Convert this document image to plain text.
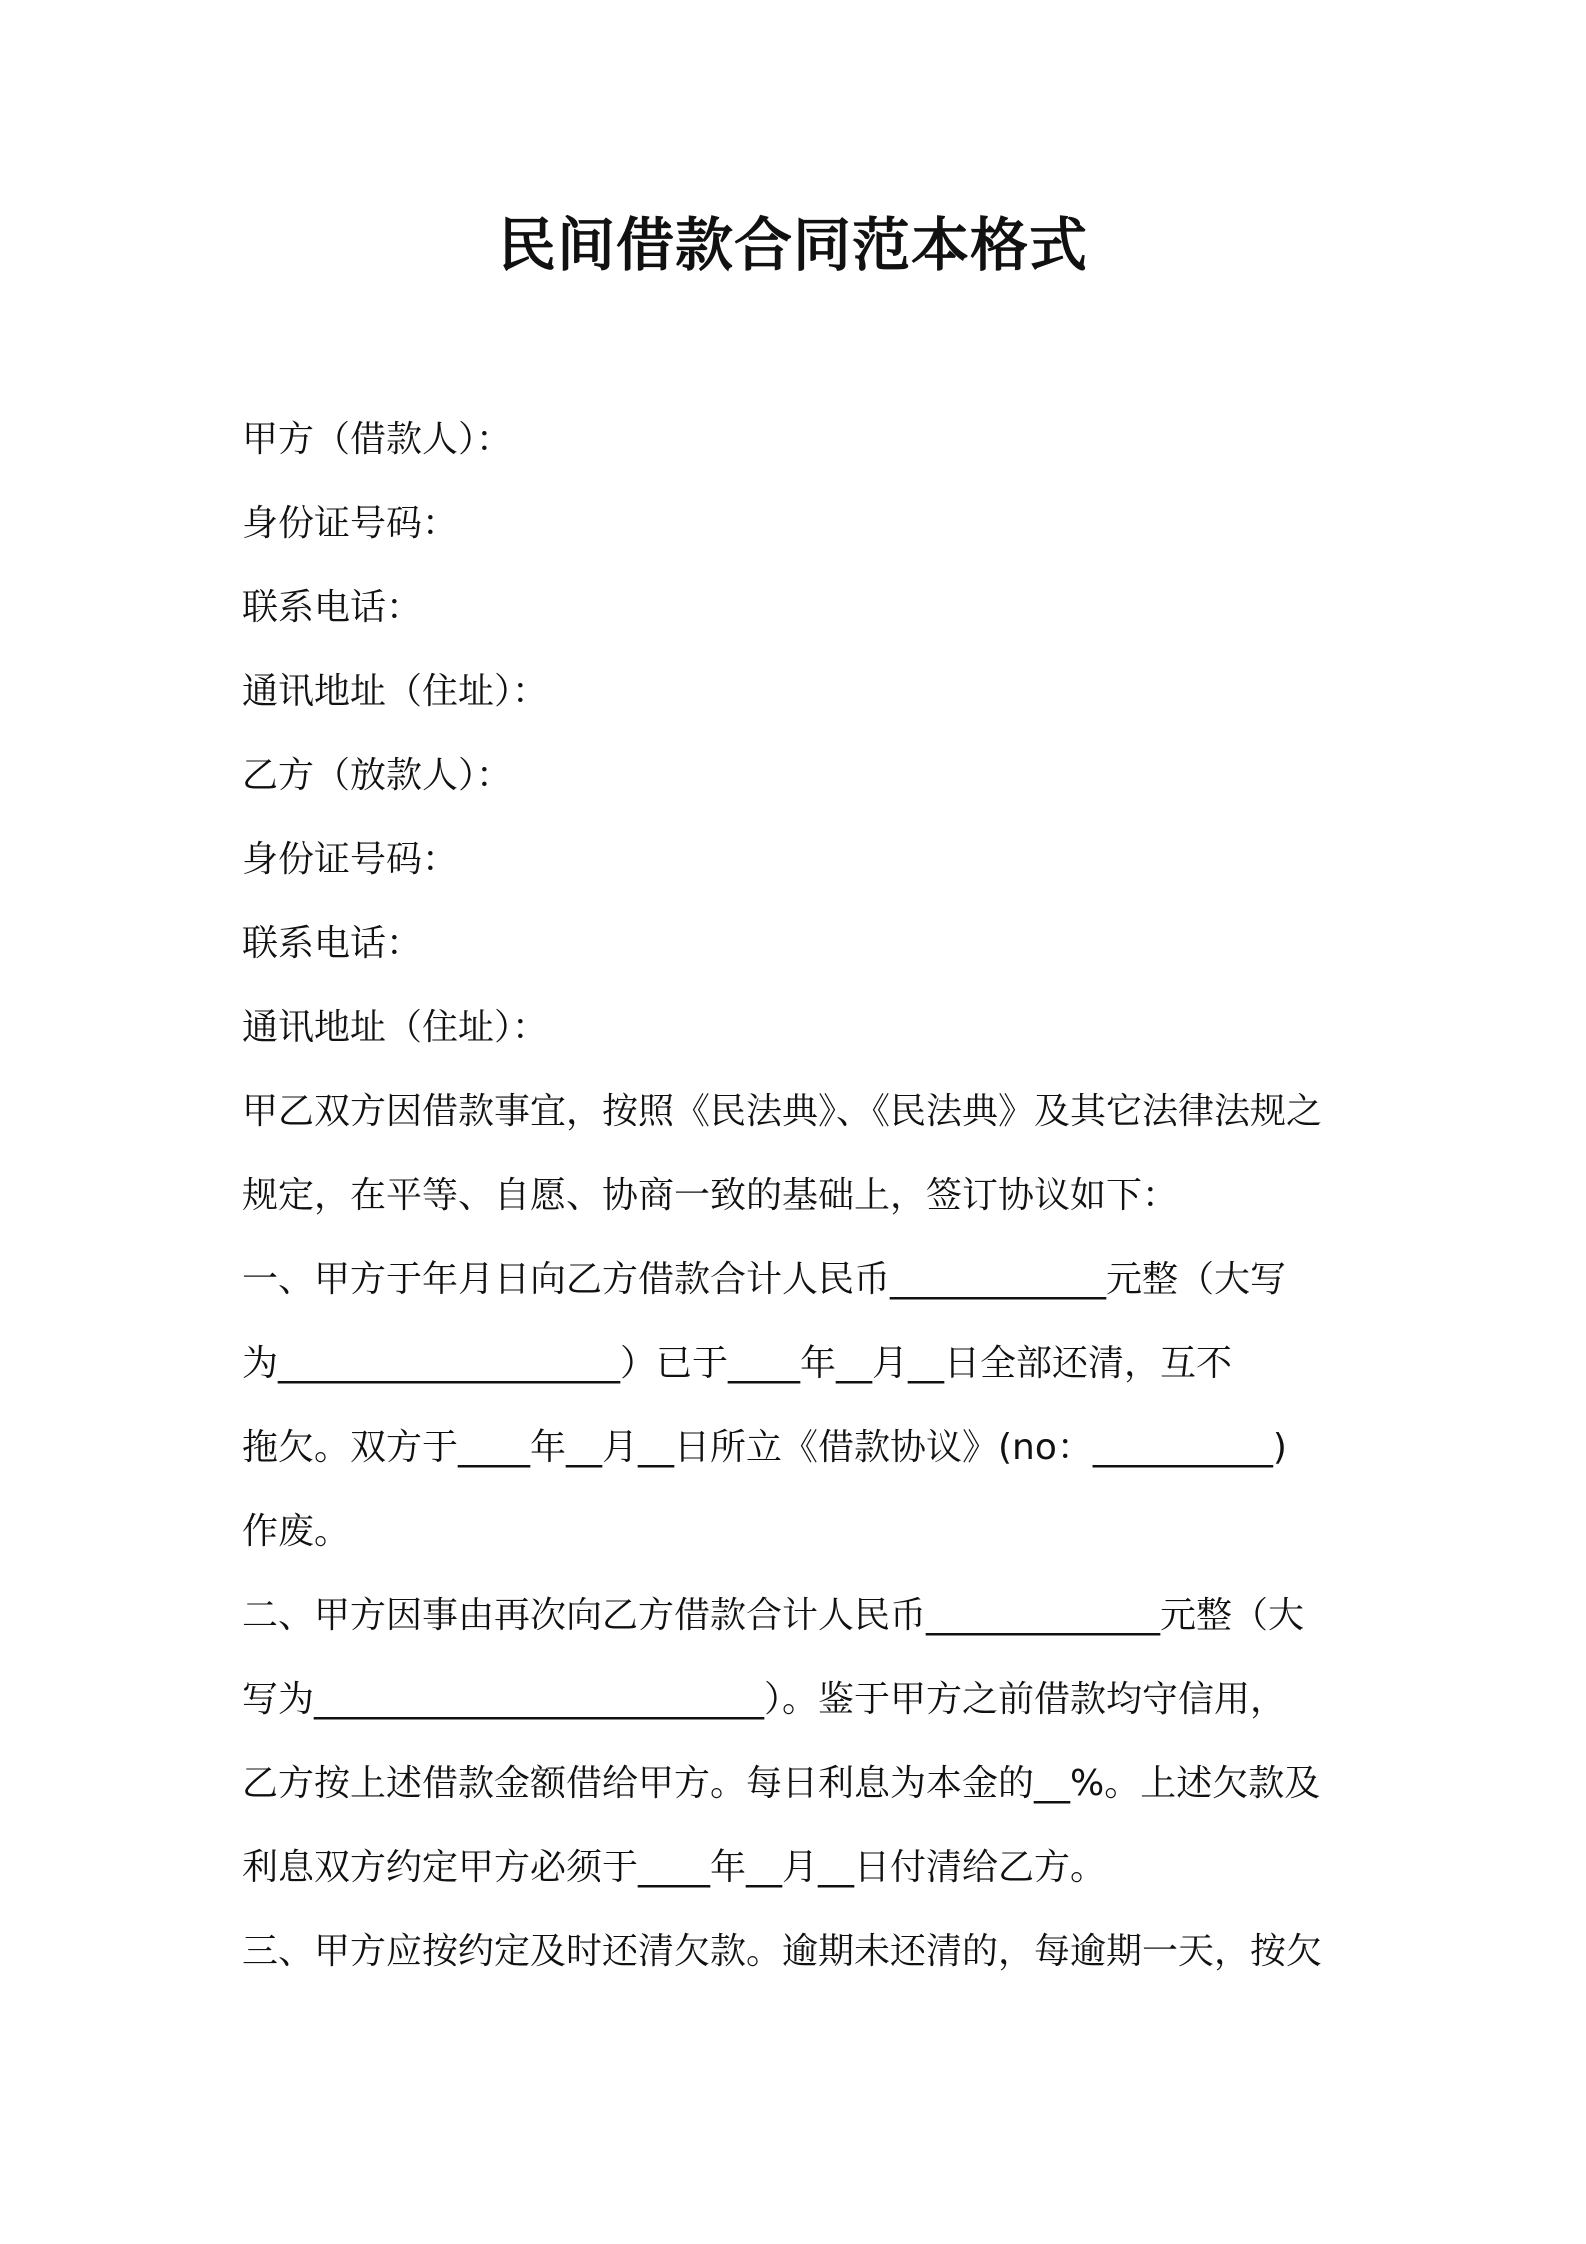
民间借款合同范本格式

甲方（借款人）：

身份证号码：

联系电话：

通讯地址（住址）：

乙方（放款人）：

身份证号码：

联系电话：

通讯地址（住址）：

甲乙双方因借款事宜，按照《民法典》、《民法典》及其它法律法规之

规定，在平等、自愿、协商一致的基础上，签订协议如下：

一、甲方于年月日向乙方借款合计人民币____________元整（大写

为___________________）已于____年__月__日全部还清，互不

拖欠。双方于____年__月__日所立《借款协议》(no：__________)

作废。

二、甲方因事由再次向乙方借款合计人民币_____________元整（大

写为_________________________）。鉴于甲方之前借款均守信用，

乙方按上述借款金额借给甲方。每日利息为本金的__%。上述欠款及

利息双方约定甲方必须于____年__月__日付清给乙方。

三、甲方应按约定及时还清欠款。逾期未还清的，每逾期一天，按欠
